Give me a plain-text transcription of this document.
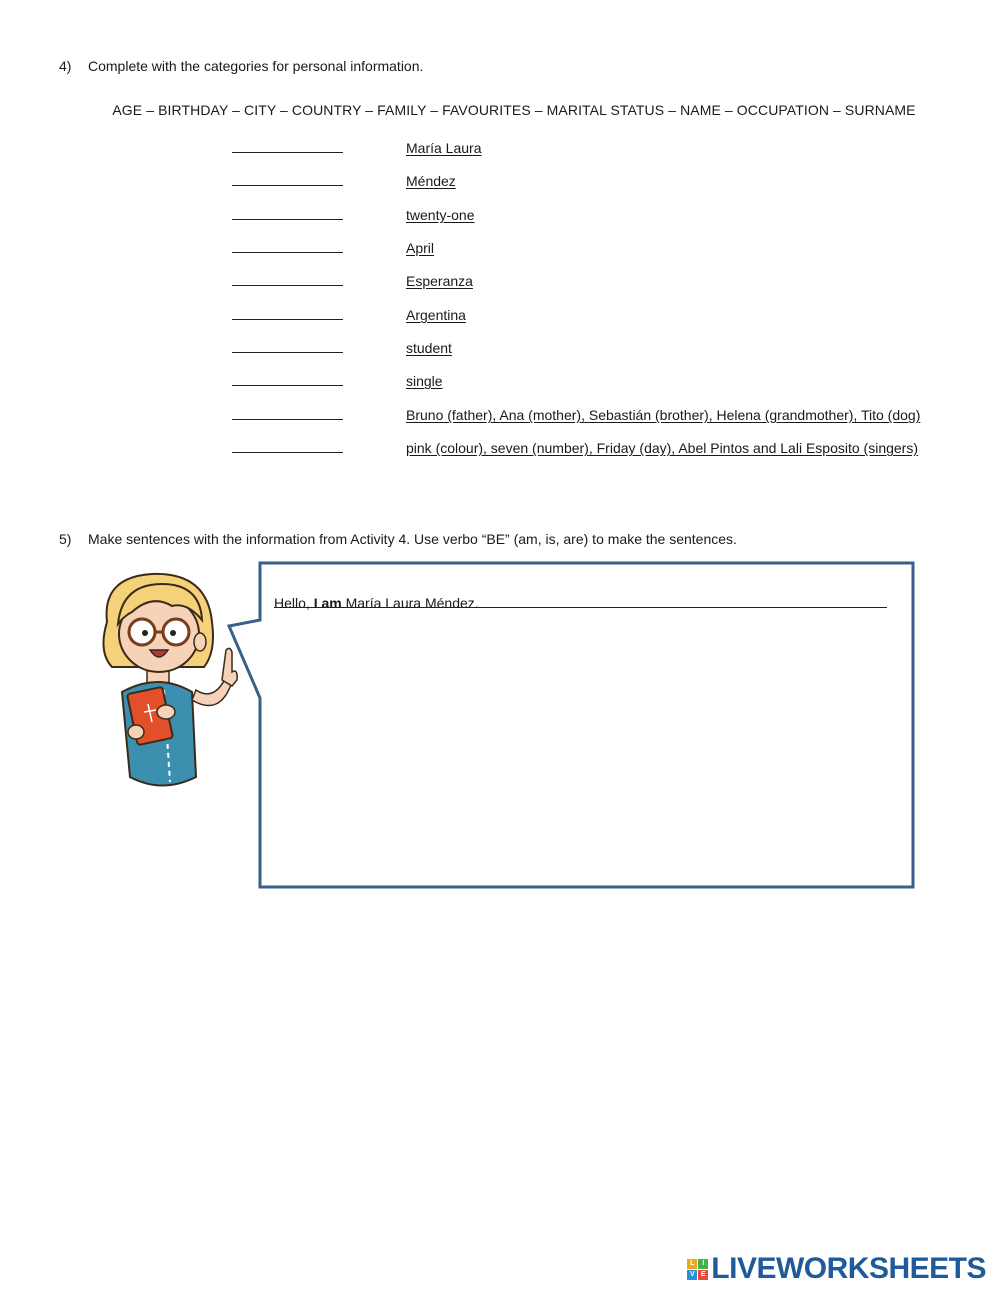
4) Complete with the categories for personal information.
AGE – BIRTHDAY – CITY – COUNTRY – FAMILY – FAVOURITES – MARITAL STATUS – NAME – OCCUPATION – SURNAME
María Laura
Méndez
twenty-one
April
Esperanza
Argentina
student
single
Bruno (father), Ana (mother), Sebastián (brother), Helena (grandmother), Tito (dog)
pink (colour), seven (number), Friday (day), Abel Pintos and Lali Esposito (singers)
5) Make sentences with the information from Activity 4. Use verbo “BE” (am, is, are) to make the sentences.
Hello, I am María Laura Méndez.
L	I
V E LIVEWORKSHEETS
